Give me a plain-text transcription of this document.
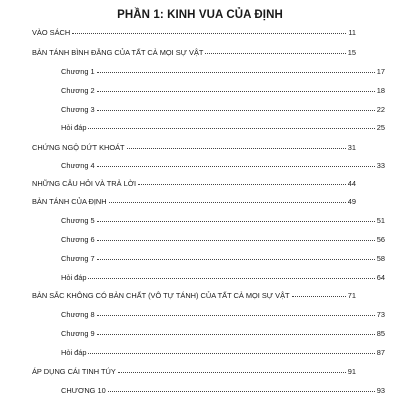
PHẦN 1: KINH VUA CỦA ĐỊNH
VÀO SÁCH	11
BẢN TÁNH BÌNH ĐẲNG CỦA TẤT CẢ MỌI SỰ VẬT	15
Chương 1	17
Chương 2	18
Chương 3	22
Hỏi đáp	25
CHỨNG NGỘ DỨT KHOÁT	31
Chương 4	33
NHỮNG CÂU HỎI VÀ TRẢ LỜI	44
BẢN TÁNH CỦA ĐỊNH	49
Chương 5	51
Chương 6	56
Chương 7	58
Hỏi đáp	64
BẢN SẮC KHÔNG CÓ BẢN CHẤT (VÔ TỰ TÁNH) CỦA TẤT CẢ MỌI SỰ VẬT	71
Chương 8	73
Chương 9	85
Hỏi đáp	87
ÁP DỤNG CÁI TINH TÚY	91
CHƯƠNG 10	93
